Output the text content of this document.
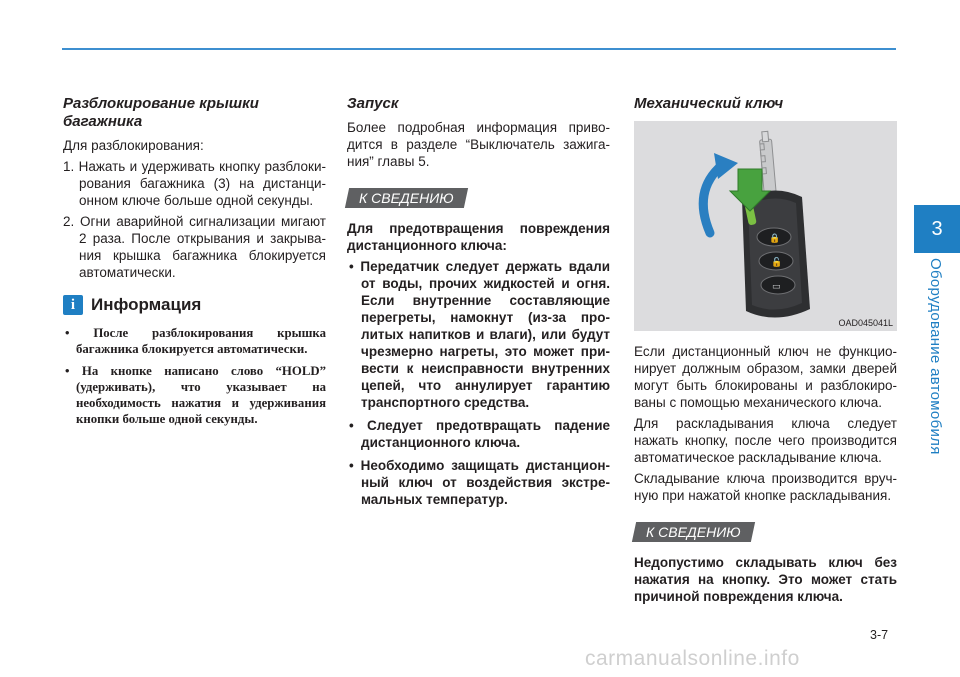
3
Оборудование автомобиля
Разблокирование крышки багажника

Для разблокирования:

1. Нажать и удерживать кнопку разблоки-рования багажника (3) на дистанци-онном ключе больше одной секунды.
2. Огни аварийной сигнализации мигают 2 раза. После открывания и закрыва-ния крышка багажника блокируется автоматически.
i Информация
• После разблокирования крышка багажника блокируется автоматически.
• На кнопке написано слово “HOLD” (удерживать), что указывает на необходимость нажатия и удерживания кнопки больше одной секунды.
Запуск

Более подробная информация приво-дится в разделе “Выключатель зажига-ния” главы 5.

К СВЕДЕНИЮ

Для предотвращения повреждения дистанционного ключа:

• Передатчик следует держать вдали от воды, прочих жидкостей и огня. Если внутренние составляющие перегреты, намокнут (из-за про-литых напитков и влаги), или будут чрезмерно нагреты, это может при-вести к неисправности внутренних цепей, что аннулирует гарантию транспортного средства.
• Следует предотвращать падение дистанционного ключа.
• Необходимо защищать дистанцион-ный ключ от воздействия экстре-мальных температур.
Механический ключ
🔒
🔓
▭
OAD045041L

Если дистанционный ключ не функцио-нирует должным образом, замки дверей могут быть блокированы и разблокиро-ваны с помощью механического ключа.

Для раскладывания ключа следует нажать кнопку, после чего производится автоматическое раскладывание ключа.

Складывание ключа производится вруч-ную при нажатой кнопке раскладывания.

К СВЕДЕНИЮ

Недопустимо складывать ключ без нажатия на кнопку. Это может стать причиной повреждения ключа.

3-7
carmanualsonline.info
